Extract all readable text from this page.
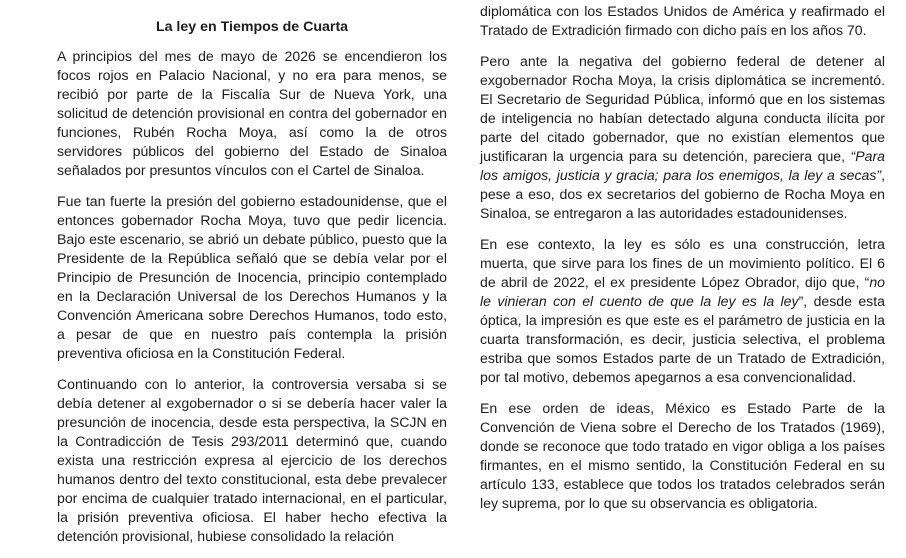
La ley en Tiempos de Cuarta

A principios del mes de mayo de 2026 se encendieron los focos rojos en Palacio Nacional, y no era para menos, se recibió por parte de la Fiscalía Sur de Nueva York, una solicitud de detención provisional en contra del gobernador en funciones, Rubén Rocha Moya, así como la de otros servidores públicos del gobierno del Estado de Sinaloa señalados por presuntos vínculos con el Cartel de Sinaloa.

Fue tan fuerte la presión del gobierno estadounidense, que el entonces gobernador Rocha Moya, tuvo que pedir licencia. Bajo este escenario, se abrió un debate público, puesto que la Presidente de la República señaló que se debía velar por el Principio de Presunción de Inocencia, principio contemplado en la Declaración Universal de los Derechos Humanos y la Convención Americana sobre Derechos Humanos, todo esto, a pesar de que en nuestro país contempla la prisión preventiva oficiosa en la Constitución Federal.

Continuando con lo anterior, la controversia versaba si se debía detener al exgobernador o si se debería hacer valer la presunción de inocencia, desde esta perspectiva, la SCJN en la Contradicción de Tesis 293/2011 determinó que, cuando exista una restricción expresa al ejercicio de los derechos humanos dentro del texto constitucional, esta debe prevalecer por encima de cualquier tratado internacional, en el particular, la prisión preventiva oficiosa. El haber hecho efectiva la detención provisional, hubiese consolidado la relación

diplomática con los Estados Unidos de América y reafirmado el Tratado de Extradición firmado con dicho país en los años 70.

Pero ante la negativa del gobierno federal de detener al exgobernador Rocha Moya, la crisis diplomática se incrementó. El Secretario de Seguridad Pública, informó que en los sistemas de inteligencia no habían detectado alguna conducta ilícita por parte del citado gobernador, que no existían elementos que justificaran la urgencia para su detención, pareciera que, “Para los amigos, justicia y gracia; para los enemigos, la ley a secas”, pese a eso, dos ex secretarios del gobierno de Rocha Moya en Sinaloa, se entregaron a las autoridades estadounidenses.

En ese contexto, la ley es sólo es una construcción, letra muerta, que sirve para los fines de un movimiento político. El 6 de abril de 2022, el ex presidente López Obrador, dijo que, “no le vinieran con el cuento de que la ley es la ley”, desde esta óptica, la impresión es que este es el parámetro de justicia en la cuarta transformación, es decir, justicia selectiva, el problema estriba que somos Estados parte de un Tratado de Extradición, por tal motivo, debemos apegarnos a esa convencionalidad.

En ese orden de ideas, México es Estado Parte de la Convención de Viena sobre el Derecho de los Tratados (1969), donde se reconoce que todo tratado en vigor obliga a los países firmantes, en el mismo sentido, la Constitución Federal en su artículo 133, establece que todos los tratados celebrados serán ley suprema, por lo que su observancia es obligatoria.
